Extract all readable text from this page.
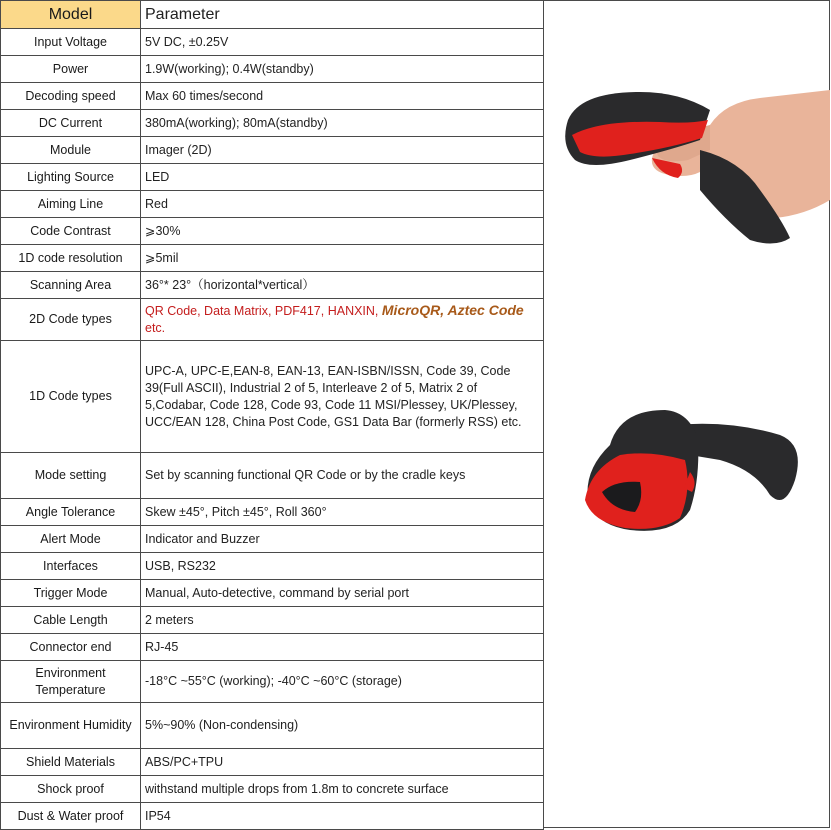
Model	Parameter
Input Voltage	5V DC, ±0.25V
Power	1.9W(working); 0.4W(standby)
Decoding speed	Max 60 times/second
DC Current	380mA(working); 80mA(standby)
Module	Imager (2D)
Lighting Source	LED
Aiming Line	Red
Code Contrast	⩾30%
1D code resolution	⩾5mil
Scanning Area	36°* 23°（horizontal*vertical）
2D Code types	QR Code, Data Matrix, PDF417, HANXIN, MicroQR, Aztec Code etc.
1D Code types	UPC-A, UPC-E,EAN-8, EAN-13, EAN-ISBN/ISSN, Code 39, Code 39(Full ASCII), Industrial 2 of 5, Interleave 2 of 5, Matrix 2 of 5,Codabar, Code 128, Code 93, Code 11 MSI/Plessey, UK/Plessey, UCC/EAN 128, China Post Code, GS1 Data Bar (formerly RSS) etc.
Mode setting	Set by scanning functional QR Code or by the cradle keys
Angle Tolerance	Skew ±45°, Pitch ±45°, Roll 360°
Alert Mode	Indicator and Buzzer
Interfaces	USB, RS232
Trigger Mode	Manual, Auto-detective, command by serial port
Cable Length	2 meters
Connector end	RJ-45
Environment Temperature	-18°C ~55°C (working); -40°C ~60°C (storage)
Environment Humidity	5%~90% (Non-condensing)
Shield Materials	ABS/PC+TPU
Shock proof	withstand multiple drops from 1.8m to concrete surface
Dust & Water proof	IP54
